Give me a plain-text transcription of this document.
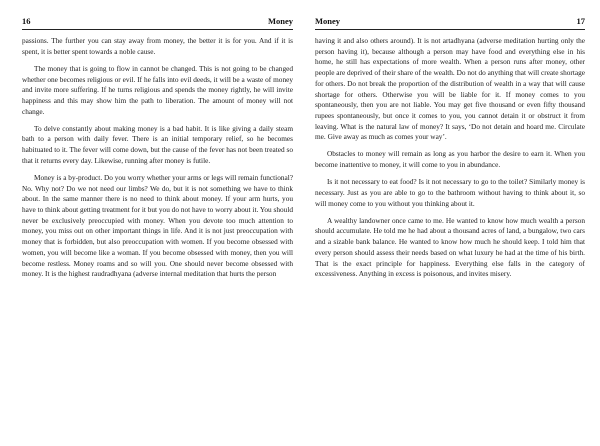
16	Money

passions. The further you can stay away from money, the better it is for you. And if it is spent, it is better spent towards a noble cause.

The money that is going to flow in cannot be changed. This is not going to be changed whether one becomes religious or evil. If he falls into evil deeds, it will be a waste of money and invite more suffering. If he turns religious and spends the money rightly, he will invite happiness and this may show him the path to liberation. The amount of money will not change.

To delve constantly about making money is a bad habit. It is like giving a daily steam bath to a person with daily fever. There is an initial temporary relief, so he becomes habituated to it. The fever will come down, but the cause of the fever has not been treated so that it returns every day. Likewise, running after money is futile.

Money is a by-product. Do you worry whether your arms or legs will remain functional? No. Why not? Do we not need our limbs? We do, but it is not something we have to think about. In the same manner there is no need to think about money. If your arm hurts, you have to think about getting treatment for it but you do not have to worry about it. You should never be exclusively preoccupied with money. When you devote too much attention to money, you miss out on other important things in life. And it is not just preoccupation with money that is forbidden, but also preoccupation with women. If you become obsessed with women, you will become like a woman. If you become obsessed with money, then you will become restless. Money roams and so will you. One should never become obsessed with money. It is the highest raudradhyana (adverse internal meditation that hurts the person

Money	17

having it and also others around). It is not artadhyana (adverse meditation hurting only the person having it), because although a person may have food and everything else in his home, he still has expectations of more wealth. When a person runs after money, other people are deprived of their share of the wealth. Do not do anything that will create shortage for others. Do not break the proportion of the distribution of wealth in a way that will cause shortage for others. Otherwise you will be liable for it. If money comes to you spontaneously, then you are not liable. You may get five thousand or even fifty thousand rupees spontaneously, but once it comes to you, you cannot detain it or obstruct it from leaving. What is the natural law of money? It says, ‘Do not detain and hoard me. Circulate me. Give away as much as comes your way’.

Obstacles to money will remain as long as you harbor the desire to earn it. When you become inattentive to money, it will come to you in abundance.

Is it not necessary to eat food? Is it not necessary to go to the toilet? Similarly money is necessary. Just as you are able to go to the bathroom without having to think about it, so will money come to you without you thinking about it.

A wealthy landowner once came to me. He wanted to know how much wealth a person should accumulate. He told me he had about a thousand acres of land, a bungalow, two cars and a sizable bank balance. He wanted to know how much he should keep. I told him that every person should assess their needs based on what luxury he had at the time of his birth. That is the exact principle for happiness. Everything else falls in the category of excessiveness. Anything in excess is poisonous, and invites misery.
